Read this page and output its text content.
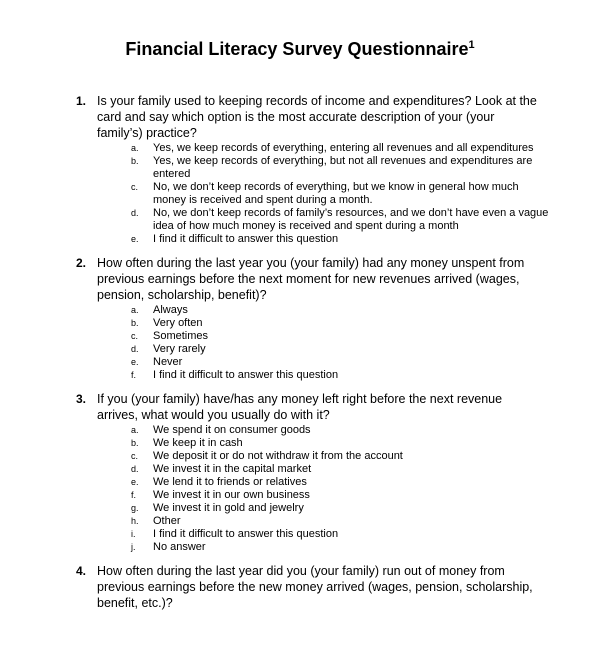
Financial Literacy Survey Questionnaire$^1$
1. Is your family used to keeping records of income and expenditures? Look at the card and say which option is the most accurate description of your (your family’s) practice?
a. Yes, we keep records of everything, entering all revenues and all expenditures
b. Yes, we keep records of everything, but not all revenues and expenditures are entered
c. No, we don’t keep records of everything, but we know in general how much money is received and spent during a month.
d. No, we don’t keep records of family’s resources, and we don’t have even a vague idea of how much money is received and spent during a month
e. I find it difficult to answer this question
2. How often during the last year you (your family) had any money unspent from previous earnings before the next moment for new revenues arrived (wages, pension, scholarship, benefit)?
a. Always
b. Very often
c. Sometimes
d. Very rarely
e. Never
f. I find it difficult to answer this question
3. If you (your family) have/has any money left right before the next revenue arrives, what would you usually do with it?
a. We spend it on consumer goods
b. We keep it in cash
c. We deposit it or do not withdraw it from the account
d. We invest it in the capital market
e. We lend it to friends or relatives
f. We invest it in our own business
g. We invest it in gold and jewelry
h. Other
i. I find it difficult to answer this question
j. No answer
4. How often during the last year did you (your family) run out of money from previous earnings before the new money arrived (wages, pension, scholarship, benefit, etc.)?
